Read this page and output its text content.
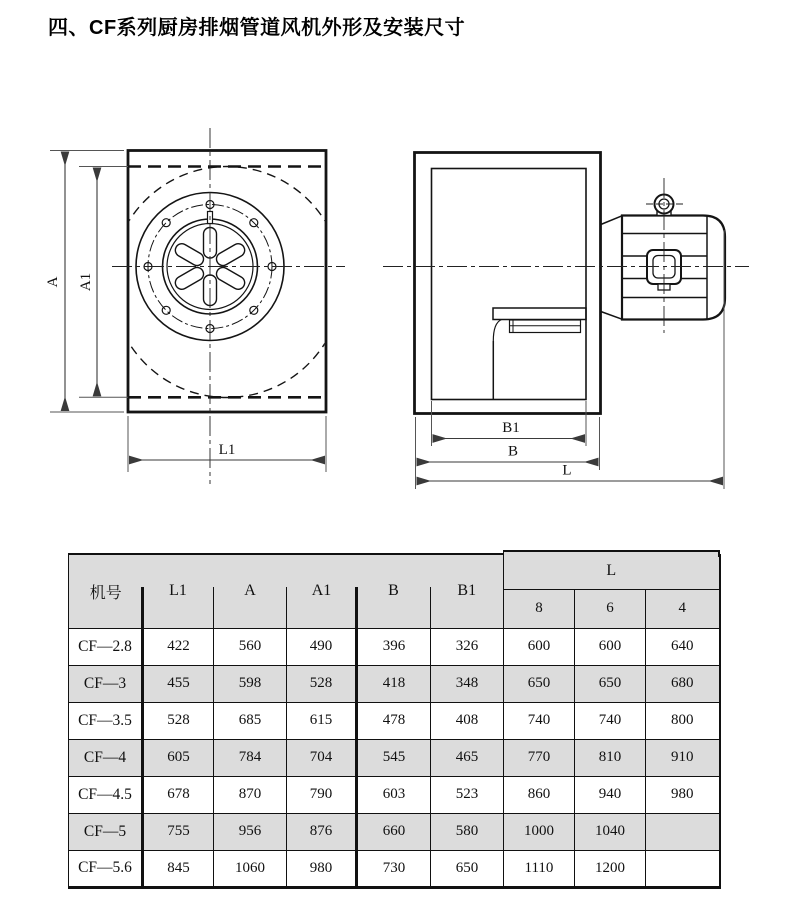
四、CF系列厨房排烟管道风机外形及安装尺寸
A A1
L1
B1
B
L
机号	L1	A	A1	B	B1	L		
						8	6	4
CF—2.8	422	560	490	396	326	600	600	640
CF—3	455	598	528	418	348	650	650	680
CF—3.5	528	685	615	478	408	740	740	800
CF—4	605	784	704	545	465	770	810	910
CF—4.5	678	870	790	603	523	860	940	980
CF—5	755	956	876	660	580	1000	1040	
CF—5.6	845	1060	980	730	650	1110	1200	
